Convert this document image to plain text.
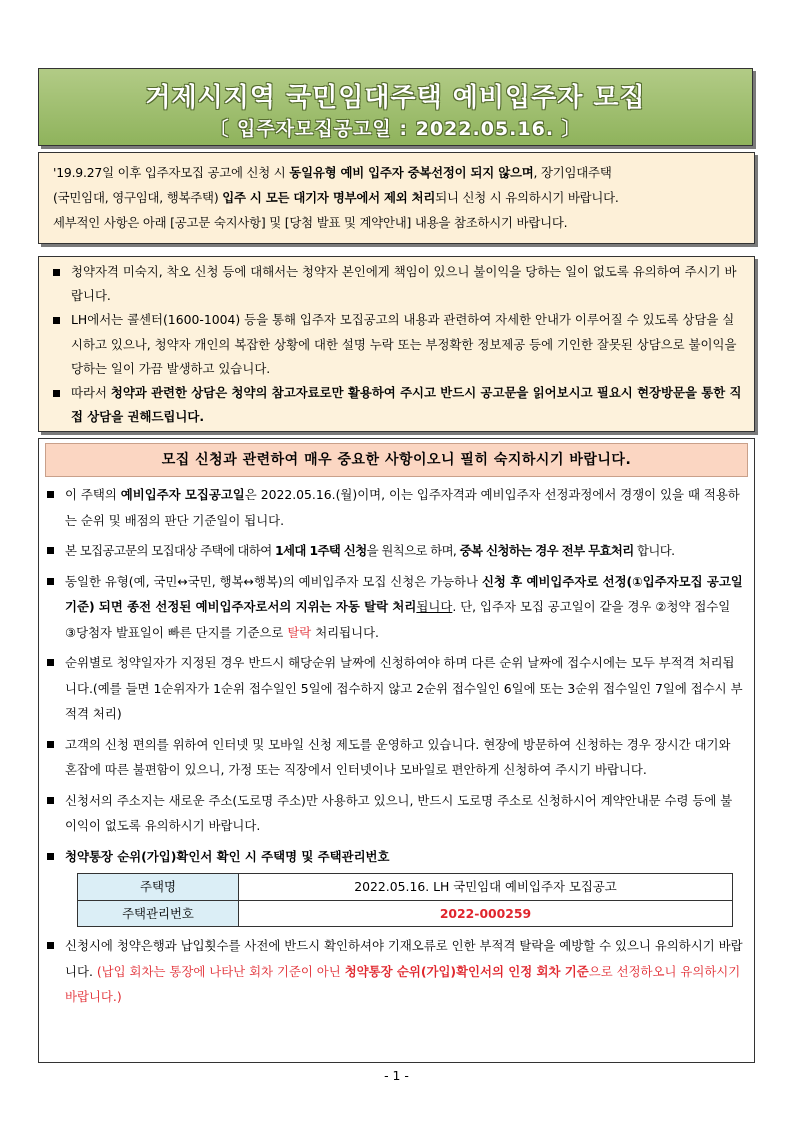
거제시지역 국민임대주택 예비입주자 모집
〔 입주자모집공고일 : 2022.05.16. 〕
'19.9.27일 이후 입주자모집 공고에 신청 시 동일유형 예비 입주자 중복선정이 되지 않으며, 장기임대주택
(국민임대, 영구임대, 행복주택) 입주 시 모든 대기자 명부에서 제외 처리되니 신청 시 유의하시기 바랍니다.
세부적인 사항은 아래 [공고문 숙지사항] 및 [당첨 발표 및 계약안내] 내용을 참조하시기 바랍니다.
청약자격 미숙지, 착오 신청 등에 대해서는 청약자 본인에게 책임이 있으니 불이익을 당하는 일이 없도록 유의하여 주시기 바랍니다.
LH에서는 콜센터(1600-1004) 등을 통해 입주자 모집공고의 내용과 관련하여 자세한 안내가 이루어질 수 있도록 상담을 실시하고 있으나, 청약자 개인의 복잡한 상황에 대한 설명 누락 또는 부정확한 정보제공 등에 기인한 잘못된 상담으로 불이익을 당하는 일이 가끔 발생하고 있습니다.
따라서 청약과 관련한 상담은 청약의 참고자료로만 활용하여 주시고 반드시 공고문을 읽어보시고 필요시 현장방문을 통한 직접 상담을 권해드립니다.
모집 신청과 관련하여 매우 중요한 사항이오니 필히 숙지하시기 바랍니다.
이 주택의 예비입주자 모집공고일은 2022.05.16.(월)이며, 이는 입주자격과 예비입주자 선정과정에서 경쟁이 있을 때 적용하는 순위 및 배점의 판단 기준일이 됩니다.
본 모집공고문의 모집대상 주택에 대하여 1세대 1주택 신청을 원칙으로 하며, 중복 신청하는 경우 전부 무효처리 합니다.
동일한 유형(예, 국민↔국민, 행복↔행복)의 예비입주자 모집 신청은 가능하나 신청 후 예비입주자로 선정(①입주자모집 공고일 기준) 되면 종전 선정된 예비입주자로서의 지위는 자동 탈락 처리됩니다. 단, 입주자 모집 공고일이 같을 경우 ②청약 접수일 ③당첨자 발표일이 빠른 단지를 기준으로 탈락 처리됩니다.
순위별로 청약일자가 지정된 경우 반드시 해당순위 날짜에 신청하여야 하며 다른 순위 날짜에 접수시에는 모두 부적격 처리됩니다.(예를 들면 1순위자가 1순위 접수일인 5일에 접수하지 않고 2순위 접수일인 6일에 또는 3순위 접수일인 7일에 접수시 부적격 처리)
고객의 신청 편의를 위하여 인터넷 및 모바일 신청 제도를 운영하고 있습니다. 현장에 방문하여 신청하는 경우 장시간 대기와 혼잡에 따른 불편함이 있으니, 가정 또는 직장에서 인터넷이나 모바일로 편안하게 신청하여 주시기 바랍니다.
신청서의 주소지는 새로운 주소(도로명 주소)만 사용하고 있으니, 반드시 도로명 주소로 신청하시어 계약안내문 수령 등에 불이익이 없도록 유의하시기 바랍니다.
청약통장 순위(가입)확인서 확인 시 주택명 및 주택관리번호
주택명	2022.05.16. LH 국민임대 예비입주자 모집공고
주택관리번호	2022-000259
신청시에 청약은행과 납입횟수를 사전에 반드시 확인하셔야 기재오류로 인한 부적격 탈락을 예방할 수 있으니 유의하시기 바랍니다. (납입 회차는 통장에 나타난 회차 기준이 아닌 청약통장 순위(가입)확인서의 인정 회차 기준으로 선정하오니 유의하시기 바랍니다.)
- 1 -
